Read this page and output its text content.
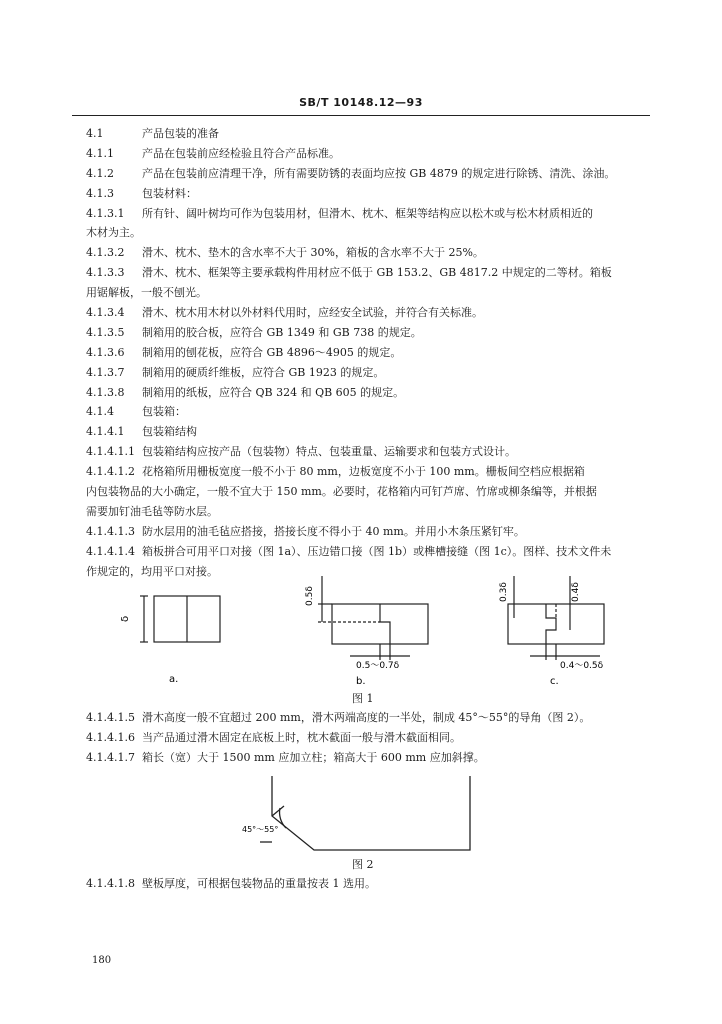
SB/T 10148.12—93
4.1	产品包装的准备
4.1.1	产品在包装前应经检验且符合产品标准。
4.1.2	产品在包装前应清理干净，所有需要防锈的表面均应按 GB 4879 的规定进行除锈、清洗、涂油。
4.1.3	包装材料：
4.1.3.1 所有针、阔叶树均可作为包装用材，但滑木、枕木、框架等结构应以松木或与松木材质相近的
木材为主。
4.1.3.2 滑木、枕木、垫木的含水率不大于 30%，箱板的含水率不大于 25%。
4.1.3.3 滑木、枕木、框架等主要承载构件用材应不低于 GB 153.2、GB 4817.2 中规定的二等材。箱板
用锯解板，一般不刨光。
4.1.3.4 滑木、枕木用木材以外材料代用时，应经安全试验，并符合有关标准。
4.1.3.5 制箱用的胶合板，应符合 GB 1349 和 GB 738 的规定。
4.1.3.6 制箱用的刨花板，应符合 GB 4896～4905 的规定。
4.1.3.7 制箱用的硬质纤维板，应符合 GB 1923 的规定。
4.1.3.8 制箱用的纸板，应符合 QB 324 和 QB 605 的规定。
4.1.4	包装箱：
4.1.4.1 包装箱结构
4.1.4.1.1 包装箱结构应按产品（包装物）特点、包装重量、运输要求和包装方式设计。
4.1.4.1.2 花格箱所用栅板宽度一般不小于 80 mm，边板宽度不小于 100 mm。栅板间空档应根据箱
内包装物品的大小确定，一般不宜大于 150 mm。必要时，花格箱内可钉芦席、竹席或柳条编等，并根据
需要加钉油毛毡等防水层。
4.1.4.1.3 防水层用的油毛毡应搭接，搭接长度不得小于 40 mm。并用小木条压紧钉牢。
4.1.4.1.4 箱板拼合可用平口对接（图 1a）、压边错口接（图 1b）或榫槽接缝（图 1c）。图样、技术文件未
作规定的，均用平口对接。
δ
0.5δ
0.5～0.7δ
0.3δ	0.4δ
0.4～0.5δ
a.	b.	c.
图 1
4.1.4.1.5 滑木高度一般不宜超过 200 mm，滑木两端高度的一半处，制成 45°～55°的导角（图 2）。
4.1.4.1.6 当产品通过滑木固定在底板上时，枕木截面一般与滑木截面相同。
4.1.4.1.7 箱长（宽）大于 1500 mm 应加立柱；箱高大于 600 mm 应加斜撑。
45°～55°
图 2
4.1.4.1.8 壁板厚度，可根据包装物品的重量按表 1 选用。
180
